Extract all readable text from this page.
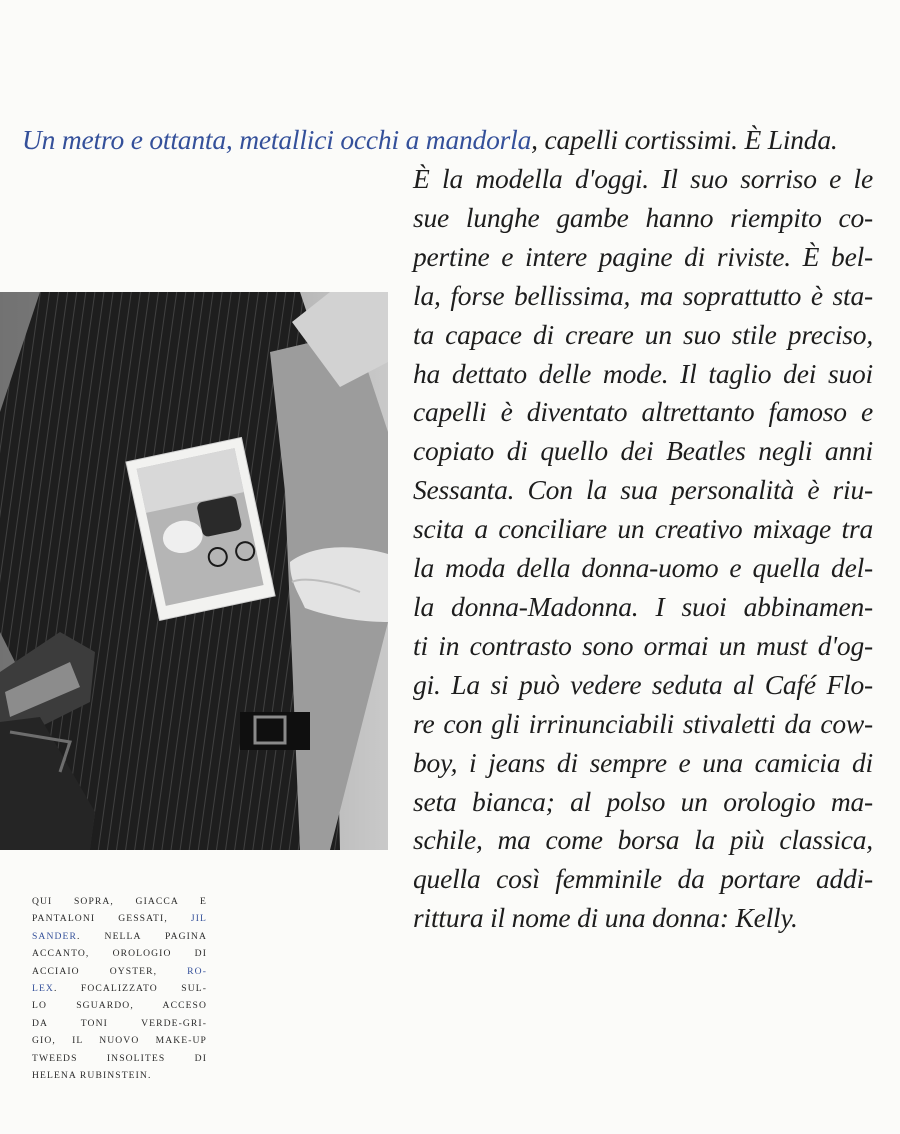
Un metro e ottanta, metallici occhi a mandorla, capelli cortissimi. È Linda.
È la modella d'oggi. Il suo sorriso e le
sue lunghe gambe hanno riempito co-
pertine e intere pagine di riviste. È bel-
la, forse bellissima, ma soprattutto è sta-
ta capace di creare un suo stile preciso,
ha dettato delle mode. Il taglio dei suoi
capelli è diventato altrettanto famoso e
copiato di quello dei Beatles negli anni
Sessanta. Con la sua personalità è riu-
scita a conciliare un creativo mixage tra
la moda della donna-uomo e quella del-
la donna-Madonna. I suoi abbinamen-
ti in contrasto sono ormai un must d'og-
gi. La si può vedere seduta al Café Flo-
re con gli irrinunciabili stivaletti da cow-
boy, i jeans di sempre e una camicia di
seta bianca; al polso un orologio ma-
schile, ma come borsa la più classica,
quella così femminile da portare addi-
rittura il nome di una donna: Kelly.
QUI SOPRA, GIACCA E
PANTALONI GESSATI, JIL
SANDER. NELLA PAGINA
ACCANTO, OROLOGIO DI
ACCIAIO OYSTER, RO-
LEX. FOCALIZZATO SUL-
LO SGUARDO, ACCESO
DA TONI VERDE-GRI-
GIO, IL NUOVO MAKE-UP
TWEEDS INSOLITES DI
HELENA RUBINSTEIN.
